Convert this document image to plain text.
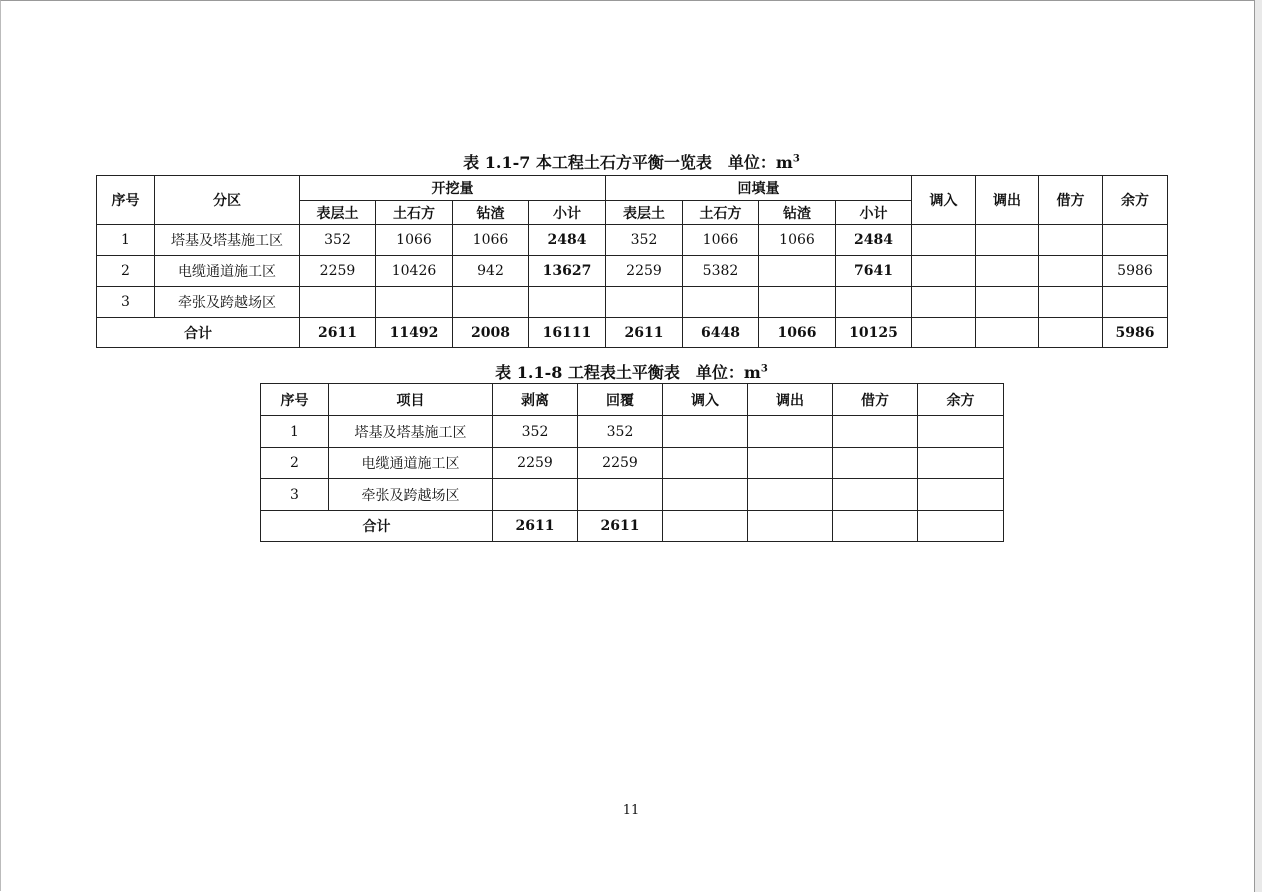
表 1.1-7 本工程土石方平衡一览表　单位：$m^3$
序号	分区	开挖量				回填量				调入	调出	借方	余方
		表层土	土石方	钻渣	小计	表层土	土石方	钻渣	小计				
1	塔基及塔基施工区	352	1066	1066	2484	352	1066	1066	2484				
2	电缆通道施工区	2259	10426	942	13627	2259	5382		7641				5986
3	牵张及跨越场区												
合计		2611	11492	2008	16111	2611	6448	1066	10125				5986
表 1.1-8 工程表土平衡表　单位：$m^3$
序号	项目	剥离	回覆	调入	调出	借方	余方
1	塔基及塔基施工区	352	352				
2	电缆通道施工区	2259	2259				
3	牵张及跨越场区						
合计		2611	2611				
11
